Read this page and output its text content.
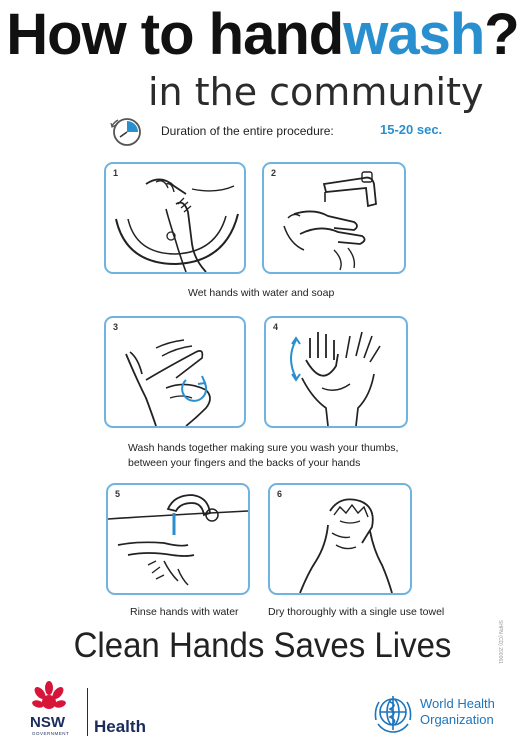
How to handwash?
in the community
Duration of the entire procedure:	15-20 sec.
1	2
Wet hands with water and soap
3	4
Wash hands together making sure you wash your thumbs,
between your fingers and the backs of your hands
5	6
Rinse hands with water	Dry thoroughly with a single use towel
Clean Hands Saves Lives	SHPN (CD) 200061
NSW
GOVERNMENT Health
World Health
Organization
